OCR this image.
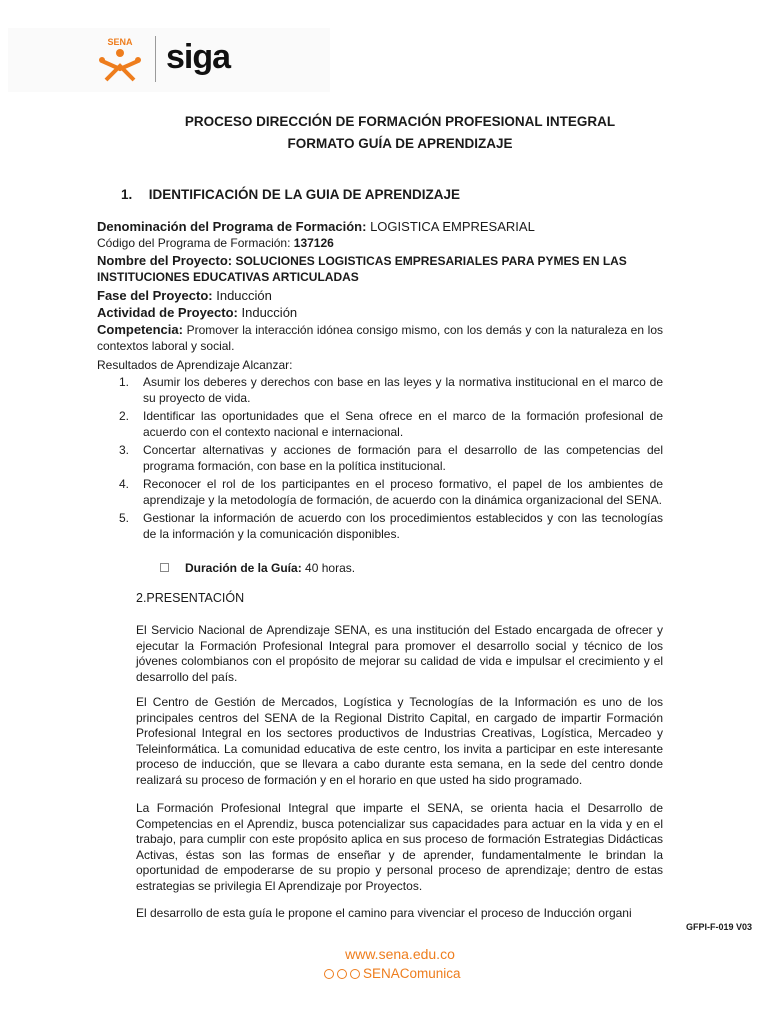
SENA siga
PROCESO DIRECCIÓN DE FORMACIÓN PROFESIONAL INTEGRAL
FORMATO GUÍA DE APRENDIZAJE
1. IDENTIFICACIÓN DE LA GUIA DE APRENDIZAJE
Denominación del Programa de Formación: LOGISTICA EMPRESARIAL
Código del Programa de Formación: 137126
Nombre del Proyecto: SOLUCIONES LOGISTICAS EMPRESARIALES PARA PYMES EN LAS INSTITUCIONES EDUCATIVAS ARTICULADAS
Fase del Proyecto: Inducción
Actividad de Proyecto: Inducción
Competencia: Promover la interacción idónea consigo mismo, con los demás y con la naturaleza en los contextos laboral y social.
Resultados de Aprendizaje Alcanzar:
1. Asumir los deberes y derechos con base en las leyes y la normativa institucional en el marco de su proyecto de vida.
2. Identificar las oportunidades que el Sena ofrece en el marco de la formación profesional de acuerdo con el contexto nacional e internacional.
3. Concertar alternativas y acciones de formación para el desarrollo de las competencias del programa formación, con base en la política institucional.
4. Reconocer el rol de los participantes en el proceso formativo, el papel de los ambientes de aprendizaje y la metodología de formación, de acuerdo con la dinámica organizacional del SENA.
5. Gestionar la información de acuerdo con los procedimientos establecidos y con las tecnologías de la información y la comunicación disponibles.
Duración de la Guía: 40 horas.
2.PRESENTACIÓN
El Servicio Nacional de Aprendizaje SENA, es una institución del Estado encargada de ofrecer y ejecutar la Formación Profesional Integral para promover el desarrollo social y técnico de los jóvenes colombianos con el propósito de mejorar su calidad de vida e impulsar el crecimiento y el desarrollo del país.
El Centro de Gestión de Mercados, Logística y Tecnologías de la Información es uno de los principales centros del SENA de la Regional Distrito Capital, en cargado de impartir Formación Profesional Integral en los sectores productivos de Industrias Creativas, Logística, Mercadeo y Teleinformática. La comunidad educativa de este centro, los invita a participar en este interesante proceso de inducción, que se llevara a cabo durante esta semana, en la sede del centro donde realizará su proceso de formación y en el horario en que usted ha sido programado.
La Formación Profesional Integral que imparte el SENA, se orienta hacia el Desarrollo de Competencias en el Aprendiz, busca potencializar sus capacidades para actuar en la vida y en el trabajo, para cumplir con este propósito aplica en sus proceso de formación Estrategias Didácticas Activas, éstas son las formas de enseñar y de aprender, fundamentalmente le brindan la oportunidad de empoderarse de su propio y personal proceso de aprendizaje; dentro de estas estrategias se privilegia El Aprendizaje por Proyectos.
El desarrollo de esta guía le propone el camino para vivenciar el proceso de Inducción organi
GFPI-F-019 V03
www.sena.edu.co
SENAComunica
